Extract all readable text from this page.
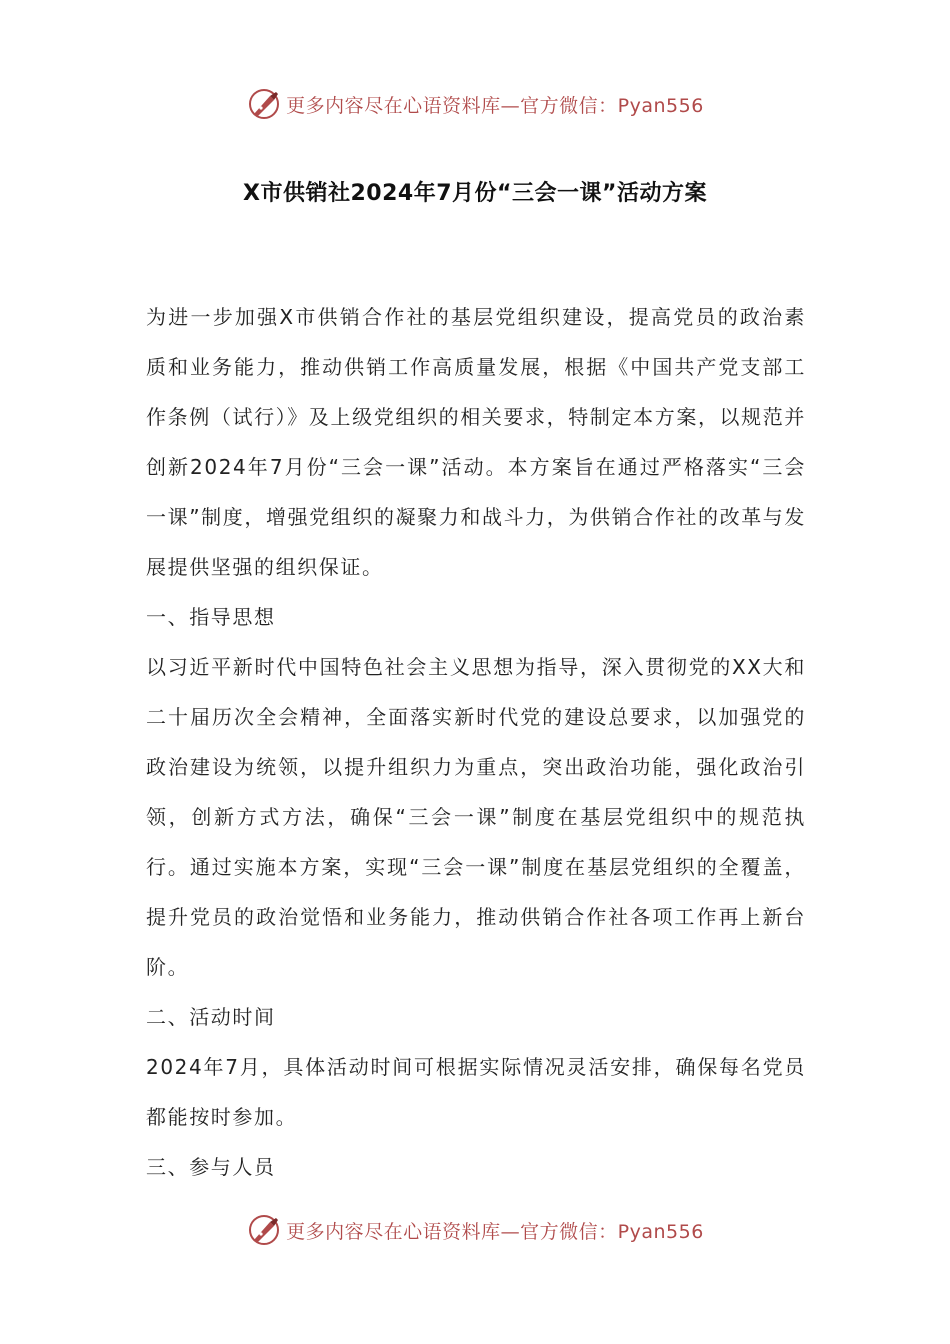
更多内容尽在心语资料库—官方微信：Pyan556
X市供销社2024年7月份“三会一课”活动方案

为进一步加强X市供销合作社的基层党组织建设，提高党员的政治素质和业务能力，推动供销工作高质量发展，根据《中国共产党支部工作条例（试行）》及上级党组织的相关要求，特制定本方案，以规范并创新2024年7月份“三会一课”活动。本方案旨在通过严格落实“三会一课”制度，增强党组织的凝聚力和战斗力，为供销合作社的改革与发展提供坚强的组织保证。

一、指导思想

以习近平新时代中国特色社会主义思想为指导，深入贯彻党的XX大和二十届历次全会精神，全面落实新时代党的建设总要求，以加强党的政治建设为统领，以提升组织力为重点，突出政治功能，强化政治引领，创新方式方法，确保“三会一课”制度在基层党组织中的规范执行。通过实施本方案，实现“三会一课”制度在基层党组织的全覆盖，提升党员的政治觉悟和业务能力，推动供销合作社各项工作再上新台阶。

二、活动时间

2024年7月，具体活动时间可根据实际情况灵活安排，确保每名党员都能按时参加。

三、参与人员

更多内容尽在心语资料库—官方微信：Pyan556
